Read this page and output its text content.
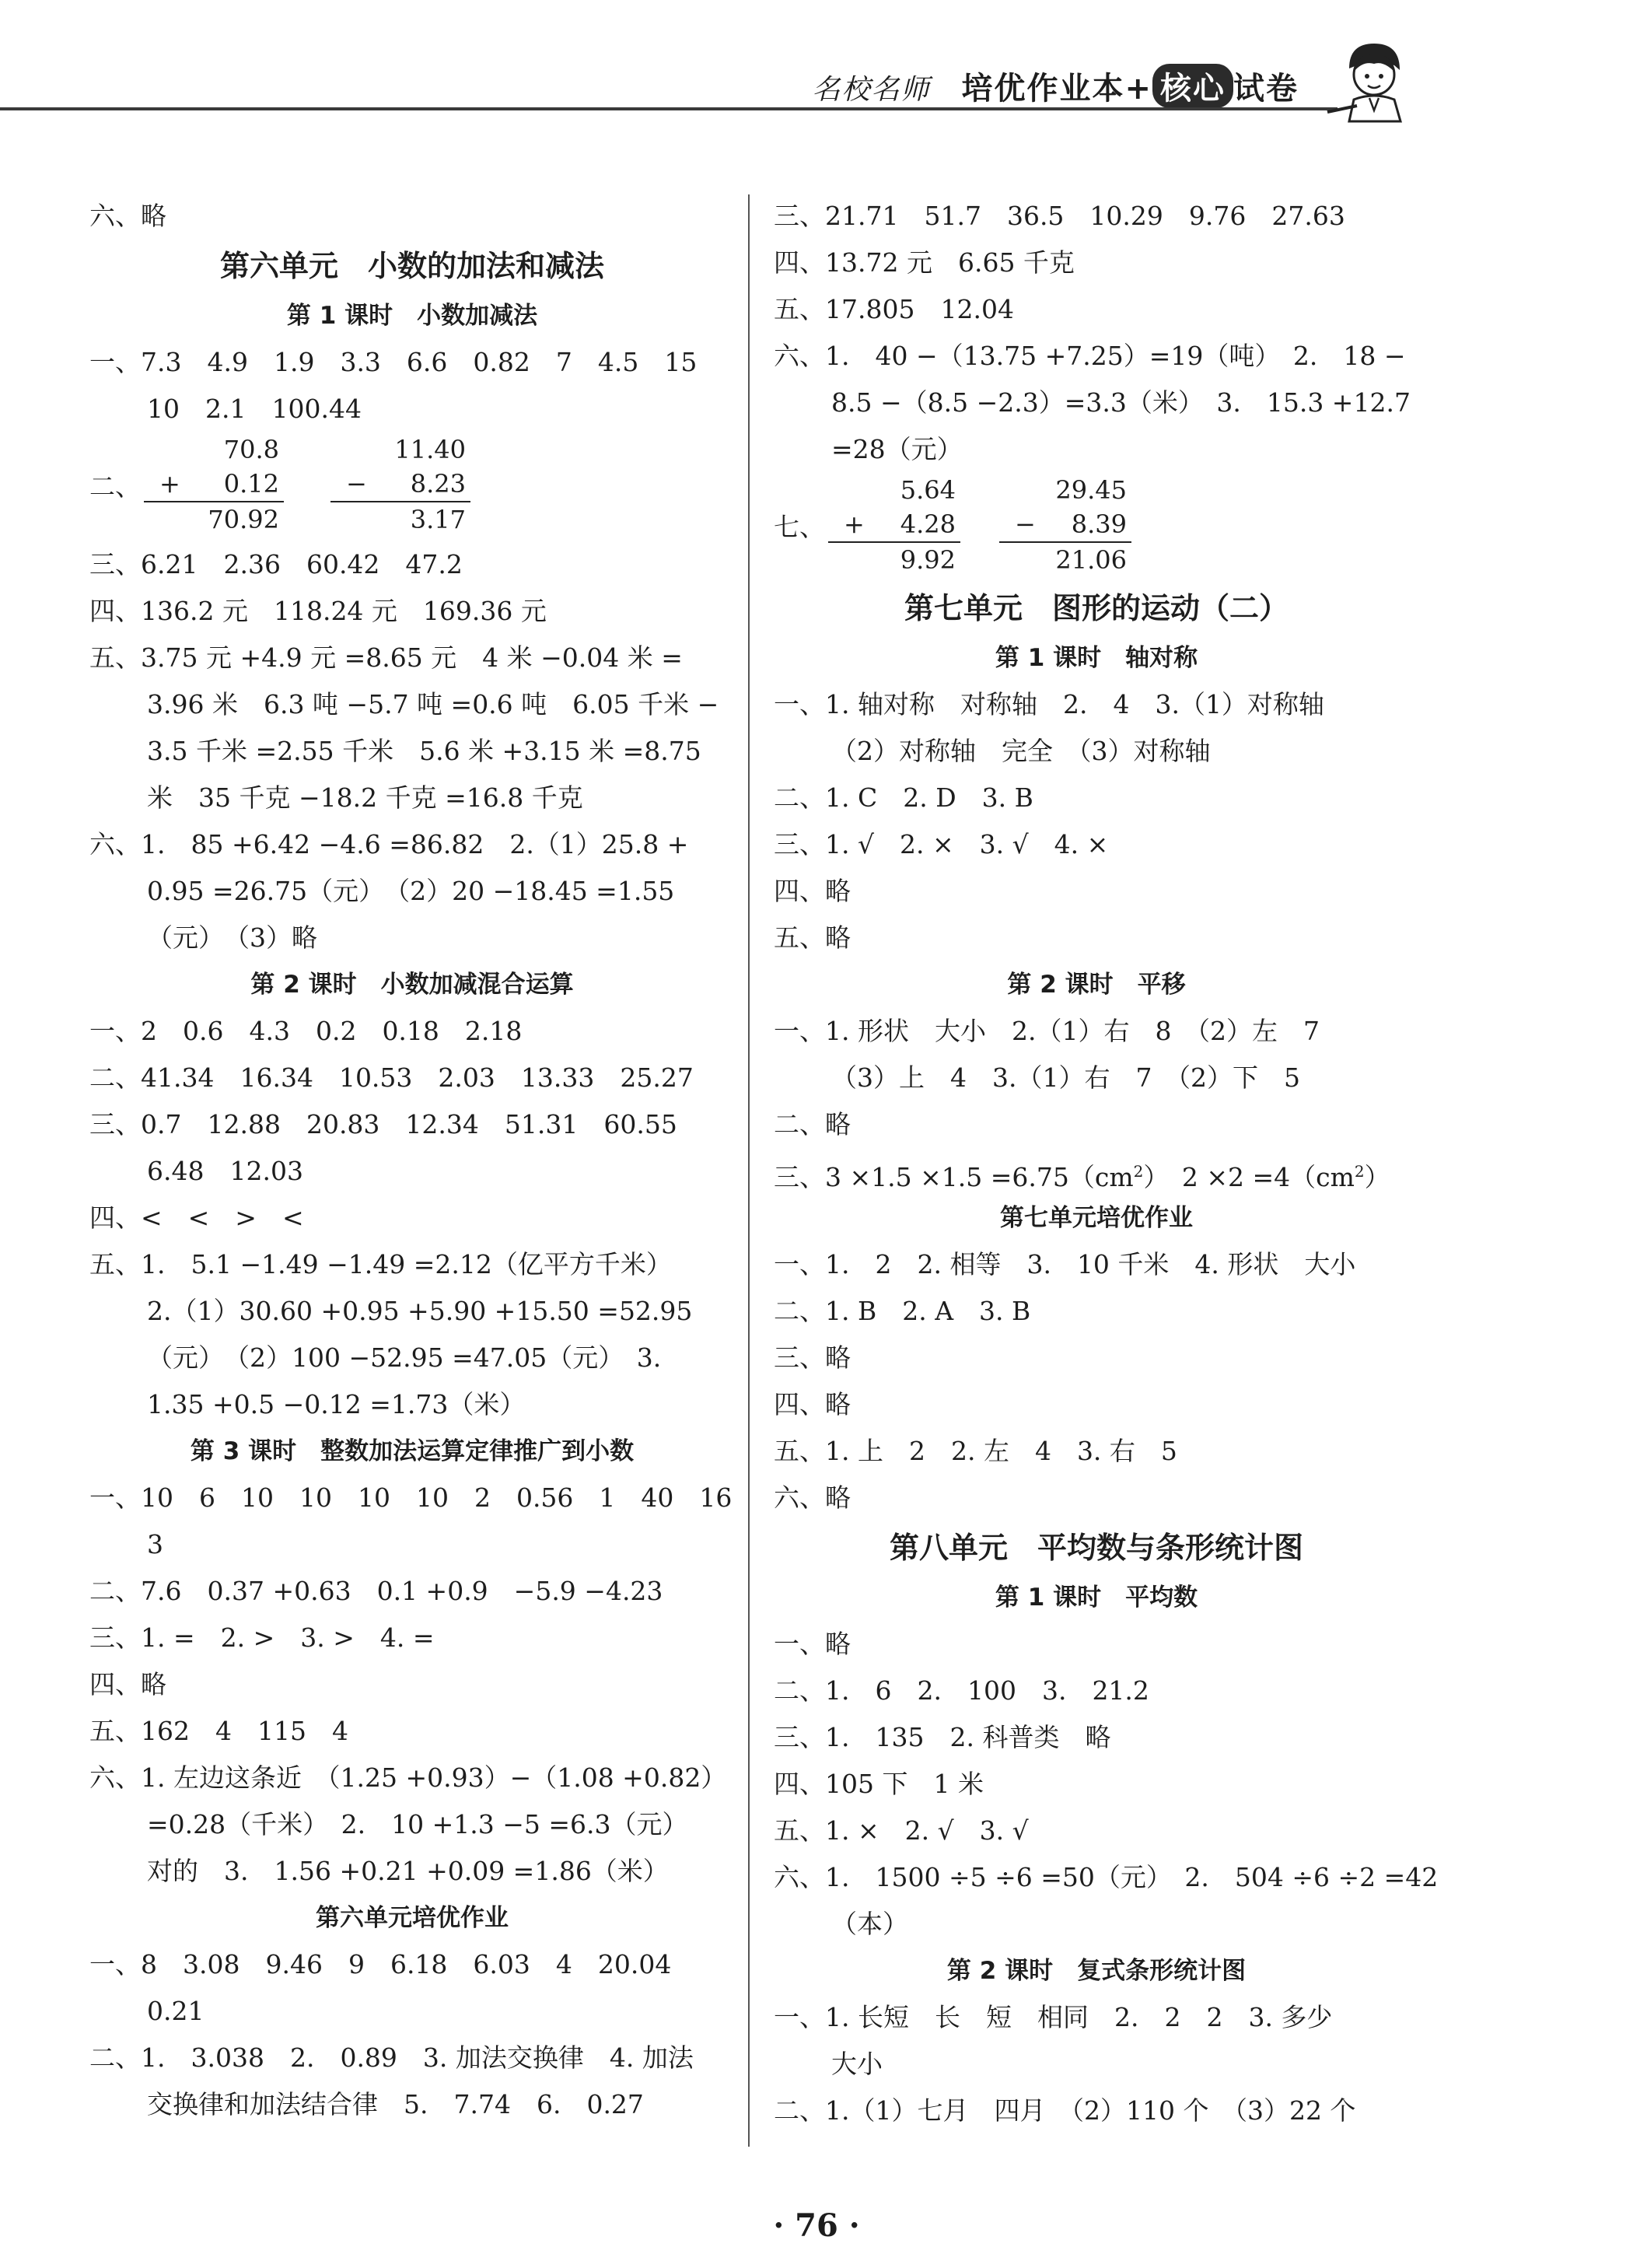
名校名师 培优作业本+ 核心 试卷
六、略
第六单元　小数的加法和减法
第 1 课时　小数加减法
一、7.3　4.9　1.9　3.3　6.6　0.82　7　4.5　15
10　2.1　100.44
二、
70.8
+ 0.12
70.92
11.40
− 8.23
3.17
三、6.21　2.36　60.42　47.2
四、136.2 元　118.24 元　169.36 元
五、3.75 元 +4.9 元 =8.65 元　4 米 −0.04 米 =
3.96 米　6.3 吨 −5.7 吨 =0.6 吨　6.05 千米 −
3.5 千米 =2.55 千米　5.6 米 +3.15 米 =8.75
米　35 千克 −18.2 千克 =16.8 千克
六、1.　85 +6.42 −4.6 =86.82　2.（1）25.8 +
0.95 =26.75（元）　（2）20 −18.45 =1.55
（元）　（3）略
第 2 课时　小数加减混合运算
一、2　0.6　4.3　0.2　0.18　2.18
二、41.34　16.34　10.53　2.03　13.33　25.27
三、0.7　12.88　20.83　12.34　51.31　60.55
6.48　12.03
四、<　<　>　<
五、1.　5.1 −1.49 −1.49 =2.12（亿平方千米）
2.（1）30.60 +0.95 +5.90 +15.50 =52.95
（元）　（2）100 −52.95 =47.05（元）　3.
1.35 +0.5 −0.12 =1.73（米）
第 3 课时　整数加法运算定律推广到小数
一、10　6　10　10　10　10　2　0.56　1　40　16
3
二、7.6　0.37 +0.63　0.1 +0.9　−5.9 −4.23
三、1. =　2. >　3. >　4. =
四、略
五、162　4　115　4
六、1. 左边这条近　（1.25 +0.93）−（1.08 +0.82）
=0.28（千米）　2.　10 +1.3 −5 =6.3（元）
对的　3.　1.56 +0.21 +0.09 =1.86（米）
第六单元培优作业
一、8　3.08　9.46　9　6.18　6.03　4　20.04
0.21
二、1.　3.038　2.　0.89　3. 加法交换律　4. 加法
交换律和加法结合律　5.　7.74　6.　0.27
三、21.71　51.7　36.5　10.29　9.76　27.63
四、13.72 元　6.65 千克
五、17.805　12.04
六、1.　40 −（13.75 +7.25）=19（吨）　2.　18 −
8.5 −（8.5 −2.3）=3.3（米）　3.　15.3 +12.7
=28（元）
七、
5.64
+ 4.28
9.92
29.45
− 8.39
21.06
第七单元　图形的运动（二）
第 1 课时　轴对称
一、1. 轴对称　对称轴　2.　4　3.（1）对称轴
（2）对称轴　完全　（3）对称轴
二、1. C　2. D　3. B
三、1. √　2. ×　3. √　4. ×
四、略
五、略
第 2 课时　平移
一、1. 形状　大小　2.（1）右　8　（2）左　7
（3）上　4　3.（1）右　7　（2）下　5
二、略
三、$3 \times 1.5 \times 1.5 =6.75(cm^2)$　$2 \times 2 =4(cm^2)$
第七单元培优作业
一、1.　2　2. 相等　3.　10 千米　4. 形状　大小
二、1. B　2. A　3. B
三、略
四、略
五、1. 上　2　2. 左　4　3. 右　5
六、略
第八单元　平均数与条形统计图
第 1 课时　平均数
一、略
二、1.　6　2.　100　3.　21.2
三、1.　135　2. 科普类　略
四、105 下　1 米
五、1. ×　2. √　3. √
六、1.　1500 ÷5 ÷6 =50（元）　2.　504 ÷6 ÷2 =42
（本）
第 2 课时　复式条形统计图
一、1. 长短　长　短　相同　2.　2　2　3. 多少
大小
二、1.（1）七月　四月　（2）110 个　（3）22 个
· 76 ·
